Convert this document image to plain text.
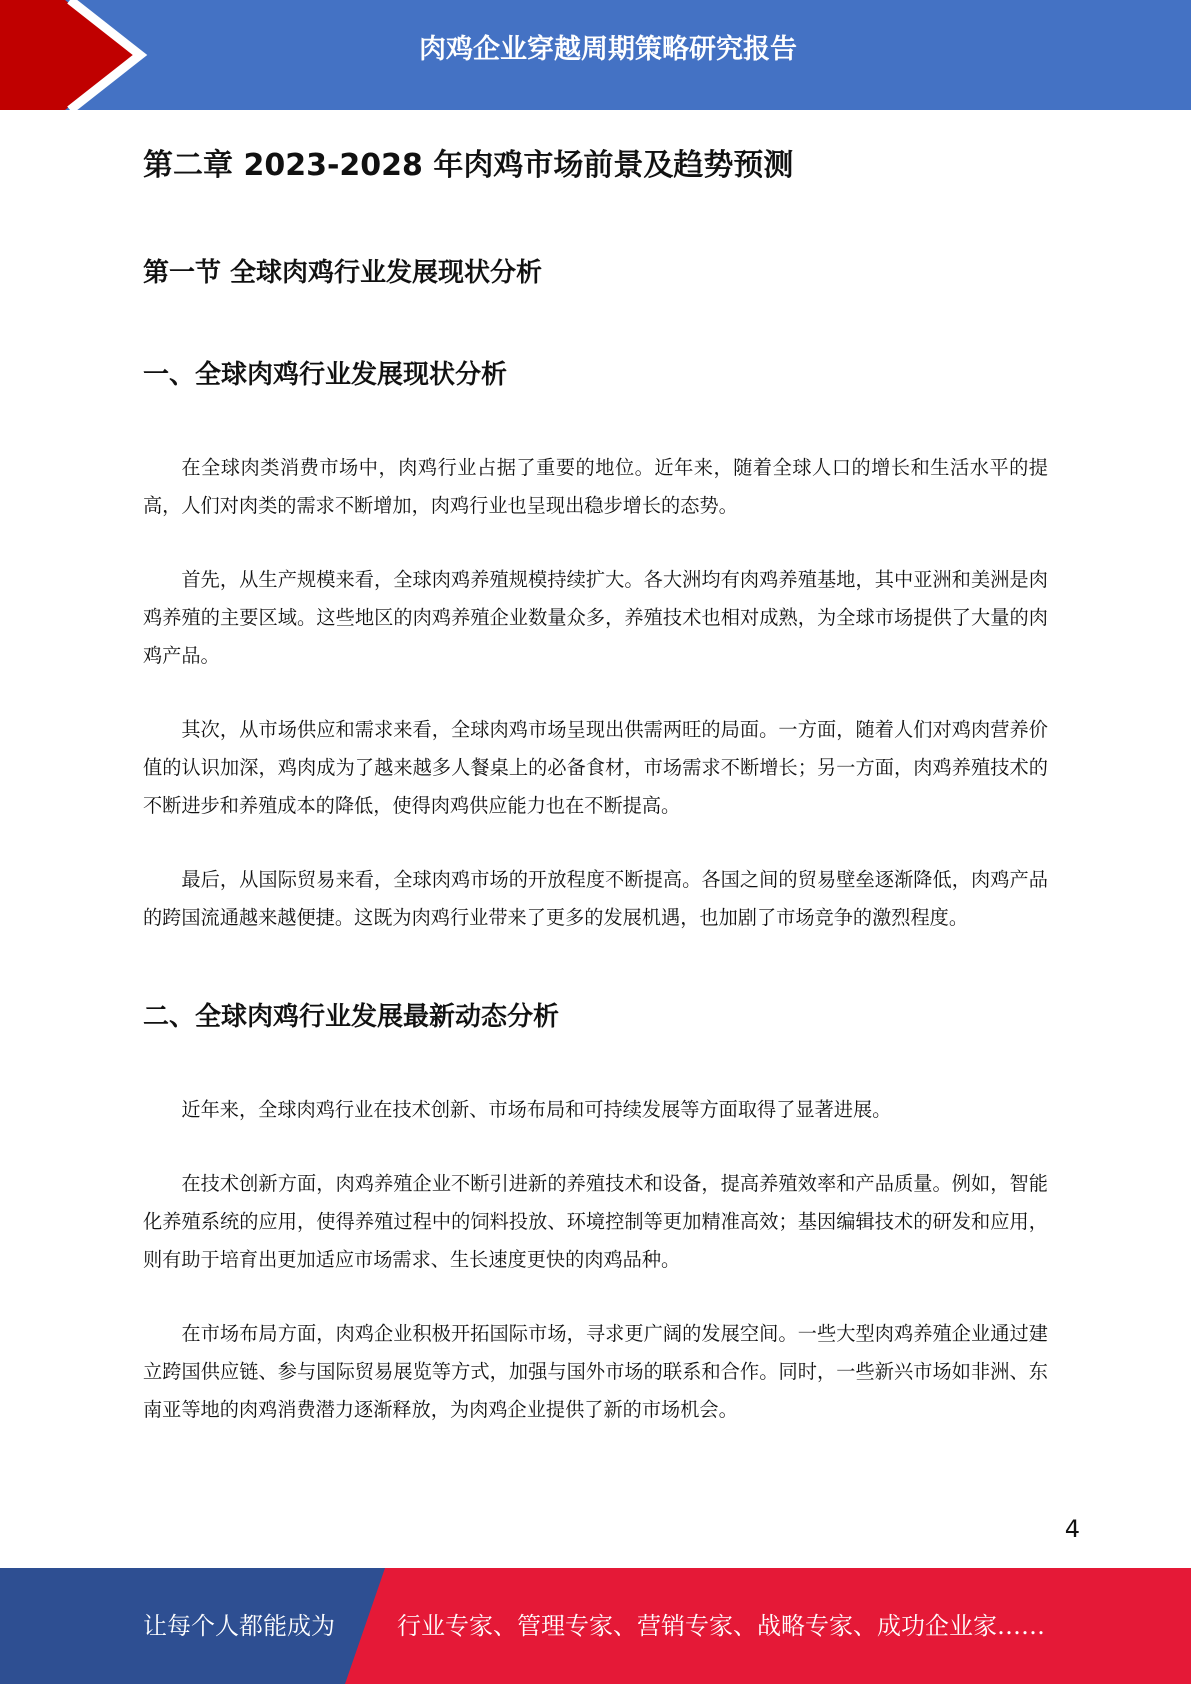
肉鸡企业穿越周期策略研究报告
第二章 2023-2028 年肉鸡市场前景及趋势预测
第一节 全球肉鸡行业发展现状分析
一、全球肉鸡行业发展现状分析

在全球肉类消费市场中，肉鸡行业占据了重要的地位。近年来，随着全球人口的增长和生活水平的提高，人们对肉类的需求不断增加，肉鸡行业也呈现出稳步增长的态势。

首先，从生产规模来看，全球肉鸡养殖规模持续扩大。各大洲均有肉鸡养殖基地，其中亚洲和美洲是肉鸡养殖的主要区域。这些地区的肉鸡养殖企业数量众多，养殖技术也相对成熟，为全球市场提供了大量的肉鸡产品。

其次，从市场供应和需求来看，全球肉鸡市场呈现出供需两旺的局面。一方面，随着人们对鸡肉营养价值的认识加深，鸡肉成为了越来越多人餐桌上的必备食材，市场需求不断增长；另一方面，肉鸡养殖技术的不断进步和养殖成本的降低，使得肉鸡供应能力也在不断提高。

最后，从国际贸易来看，全球肉鸡市场的开放程度不断提高。各国之间的贸易壁垒逐渐降低，肉鸡产品的跨国流通越来越便捷。这既为肉鸡行业带来了更多的发展机遇，也加剧了市场竞争的激烈程度。

二、全球肉鸡行业发展最新动态分析

近年来，全球肉鸡行业在技术创新、市场布局和可持续发展等方面取得了显著进展。

在技术创新方面，肉鸡养殖企业不断引进新的养殖技术和设备，提高养殖效率和产品质量。例如，智能化养殖系统的应用，使得养殖过程中的饲料投放、环境控制等更加精准高效；基因编辑技术的研发和应用，则有助于培育出更加适应市场需求、生长速度更快的肉鸡品种。

在市场布局方面，肉鸡企业积极开拓国际市场，寻求更广阔的发展空间。一些大型肉鸡养殖企业通过建立跨国供应链、参与国际贸易展览等方式，加强与国外市场的联系和合作。同时，一些新兴市场如非洲、东南亚等地的肉鸡消费潜力逐渐释放，为肉鸡企业提供了新的市场机会。

4
让每个人都能成为	行业专家、管理专家、营销专家、战略专家、成功企业家……
